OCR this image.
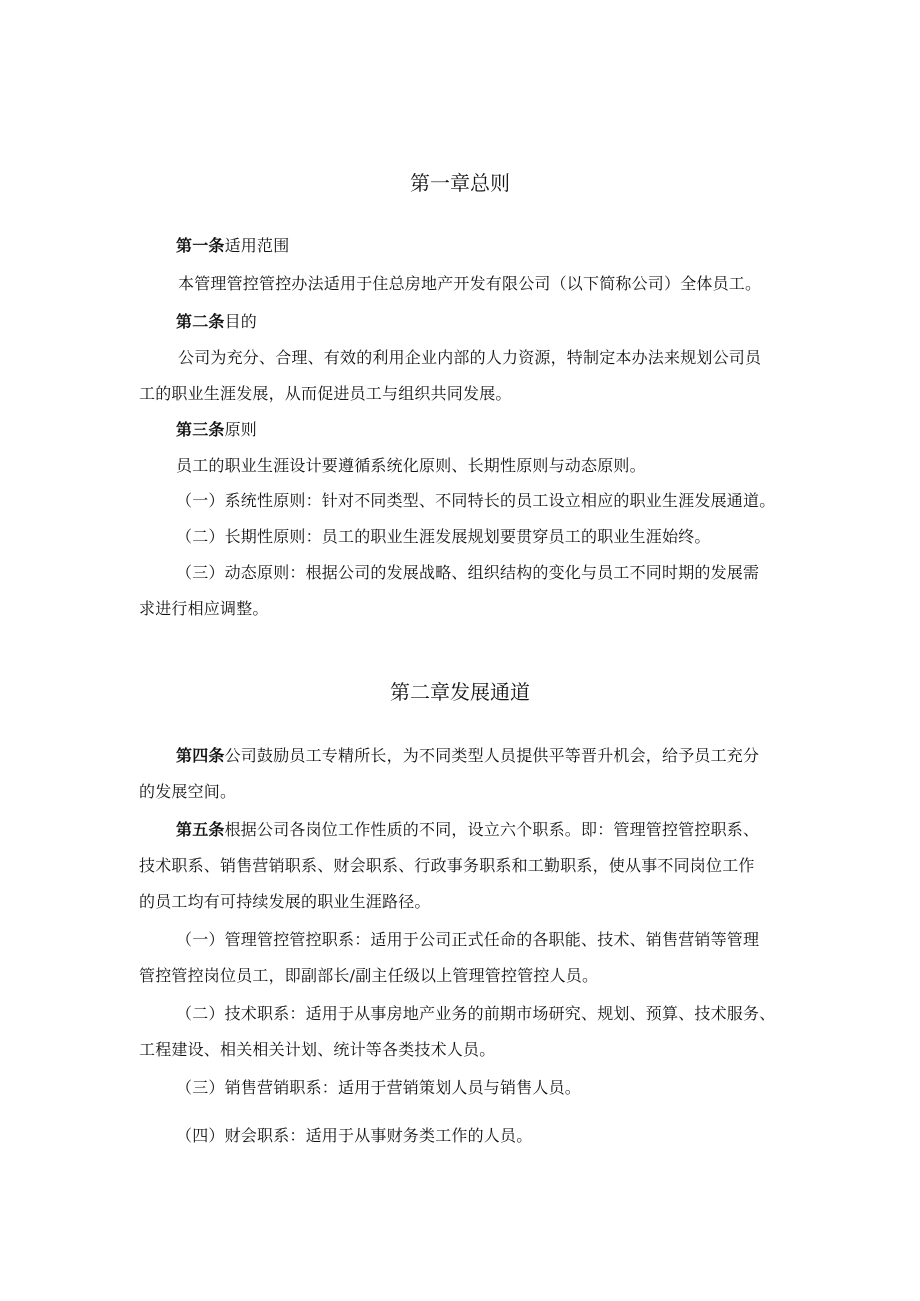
第一章总则
第一条适用范围
本管理管控管控办法适用于住总房地产开发有限公司（以下简称公司）全体员工。
第二条目的
公司为充分、合理、有效的利用企业内部的人力资源，特制定本办法来规划公司员
工的职业生涯发展，从而促进员工与组织共同发展。
第三条原则
员工的职业生涯设计要遵循系统化原则、长期性原则与动态原则。
（一）系统性原则：针对不同类型、不同特长的员工设立相应的职业生涯发展通道。
（二）长期性原则：员工的职业生涯发展规划要贯穿员工的职业生涯始终。
（三）动态原则：根据公司的发展战略、组织结构的变化与员工不同时期的发展需
求进行相应调整。
第二章发展通道
第四条公司鼓励员工专精所长，为不同类型人员提供平等晋升机会，给予员工充分
的发展空间。
第五条根据公司各岗位工作性质的不同，设立六个职系。即：管理管控管控职系、
技术职系、销售营销职系、财会职系、行政事务职系和工勤职系，使从事不同岗位工作
的员工均有可持续发展的职业生涯路径。
（一）管理管控管控职系：适用于公司正式任命的各职能、技术、销售营销等管理
管控管控岗位员工，即副部长/副主任级以上管理管控管控人员。
（二）技术职系：适用于从事房地产业务的前期市场研究、规划、预算、技术服务、
工程建设、相关相关计划、统计等各类技术人员。
（三）销售营销职系：适用于营销策划人员与销售人员。
（四）财会职系：适用于从事财务类工作的人员。
